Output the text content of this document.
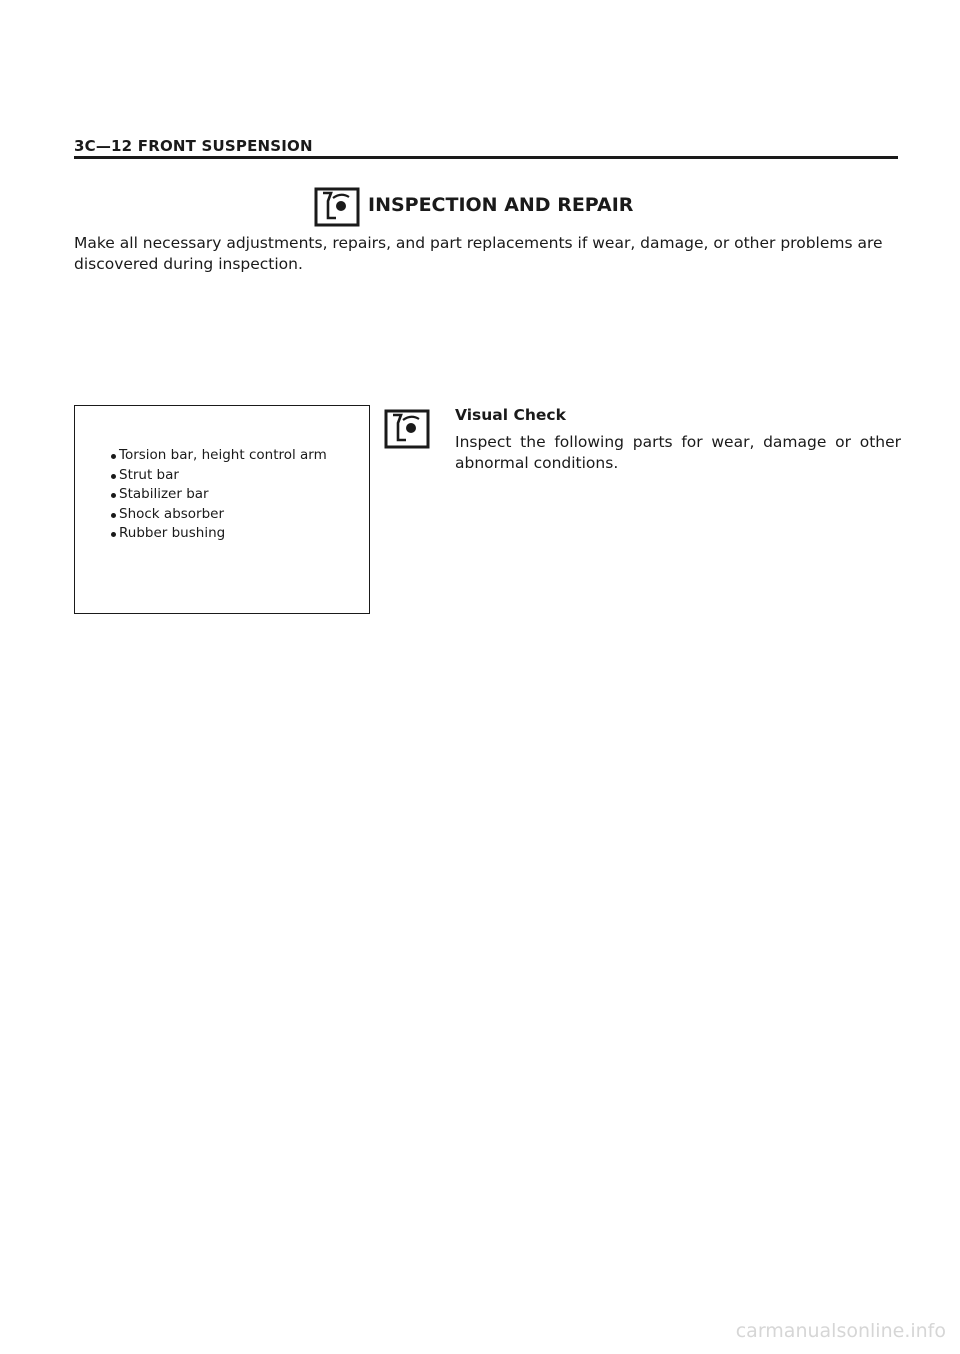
3C—12 FRONT SUSPENSION
INSPECTION AND REPAIR

Make all necessary adjustments, repairs, and part replacements if wear, damage, or other problems are discovered during inspection.

Torsion bar, height control arm
Strut bar
Stabilizer bar
Shock absorber
Rubber bushing
Visual Check

Inspect the following parts for wear, damage or other abnormal conditions.

carmanualsonline.info
